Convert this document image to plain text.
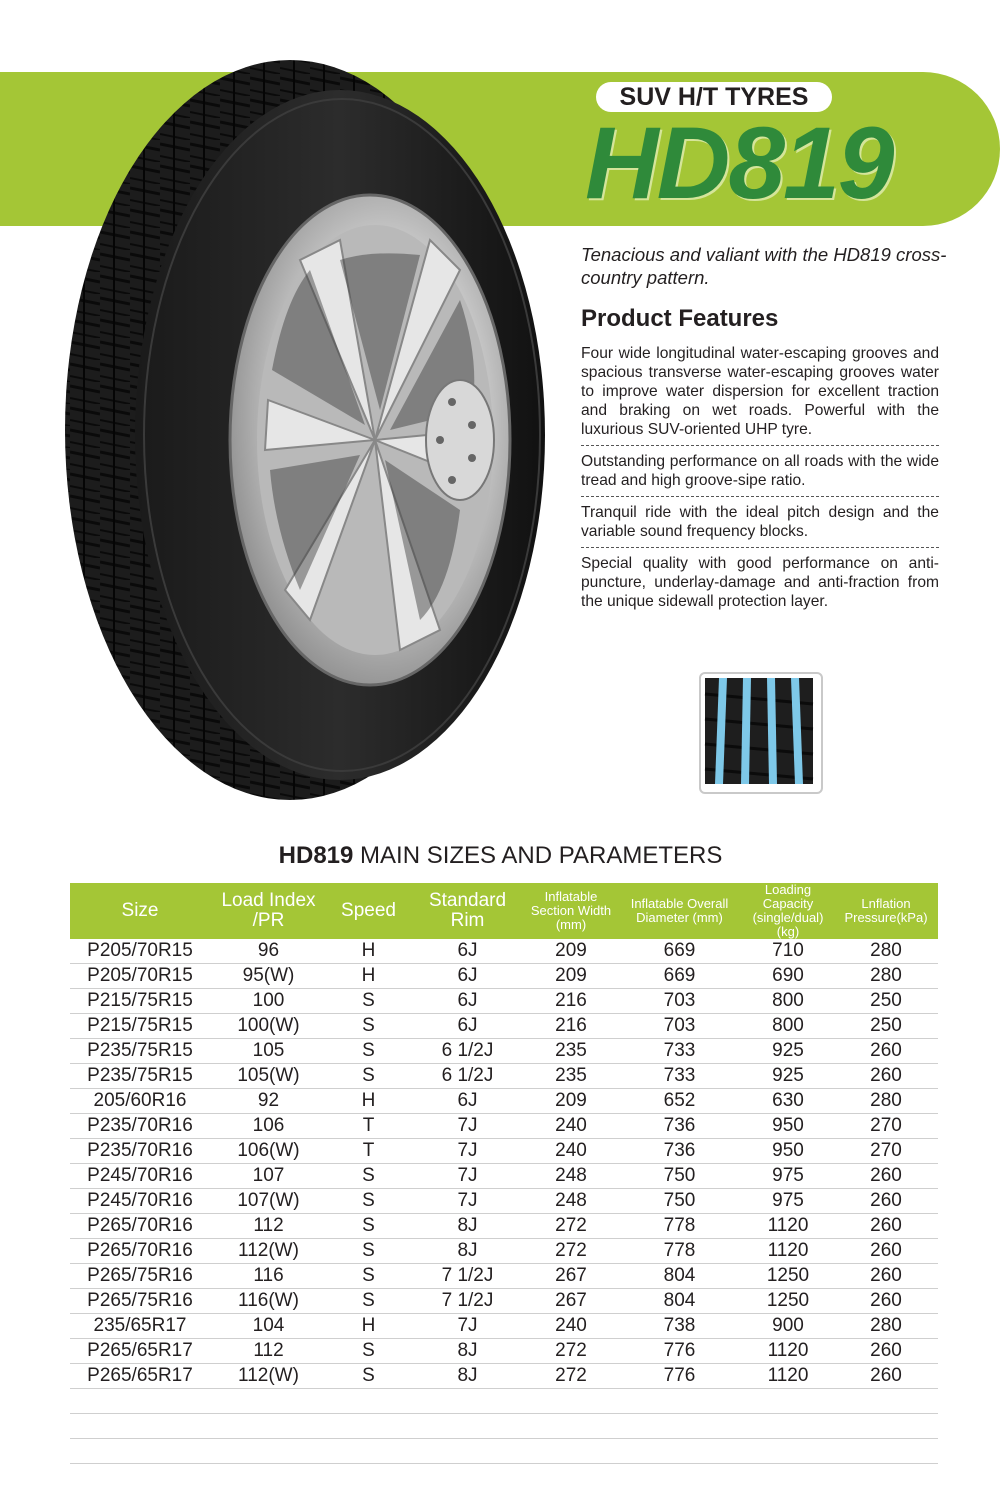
SUV H/T TYRES
HD819
Tenacious and valiant with the HD819 cross-country pattern.
Product Features
Four wide longitudinal water-escaping grooves and spacious transverse water-escaping grooves water to improve water dispersion for excellent traction and braking on wet roads. Powerful with the luxurious SUV-oriented UHP tyre.
Outstanding performance on all roads with the wide tread and high groove-sipe ratio.
Tranquil ride with the ideal pitch design and the variable sound frequency blocks.
Special quality with good performance on anti-puncture, underlay-damage and anti-fraction from the unique sidewall protection layer.
HD819 MAIN SIZES AND PARAMETERS
Size	Load Index /PR	Speed	Standard Rim	Inflatable Section Width (mm)	Inflatable Overall Diameter (mm)	Loading Capacity (single/dual)(kg)	Lnflation Pressure(kPa)
P205/70R15	96	H	6J	209	669	710	280
P205/70R15	95(W)	H	6J	209	669	690	280
P215/75R15	100	S	6J	216	703	800	250
P215/75R15	100(W)	S	6J	216	703	800	250
P235/75R15	105	S	6 1/2J	235	733	925	260
P235/75R15	105(W)	S	6 1/2J	235	733	925	260
205/60R16	92	H	6J	209	652	630	280
P235/70R16	106	T	7J	240	736	950	270
P235/70R16	106(W)	T	7J	240	736	950	270
P245/70R16	107	S	7J	248	750	975	260
P245/70R16	107(W)	S	7J	248	750	975	260
P265/70R16	112	S	8J	272	778	1120	260
P265/70R16	112(W)	S	8J	272	778	1120	260
P265/75R16	116	S	7 1/2J	267	804	1250	260
P265/75R16	116(W)	S	7 1/2J	267	804	1250	260
235/65R17	104	H	7J	240	738	900	280
P265/65R17	112	S	8J	272	776	1120	260
P265/65R17	112(W)	S	8J	272	776	1120	260
